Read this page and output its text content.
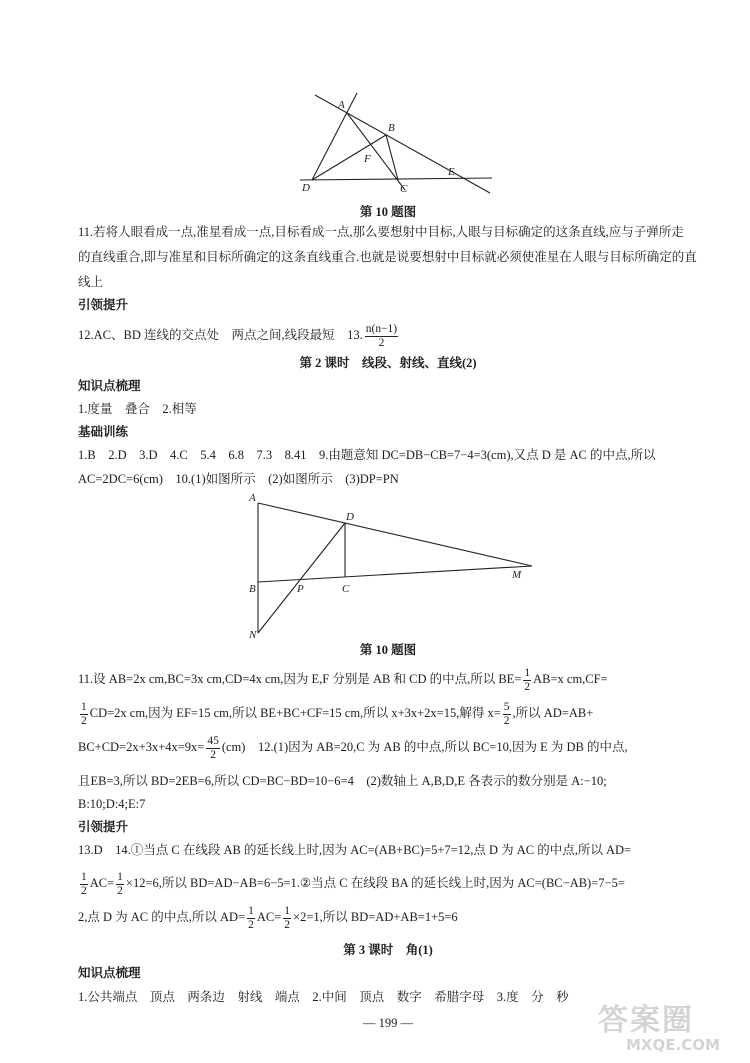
A
B
F
D	C
E
第 10 题图
11.若将人眼看成一点,准星看成一点,目标看成一点,那么要想射中目标,人眼与目标确定的这条直线,应与子弹所走
的直线重合,即与准星和目标所确定的这条直线重合.也就是说要想射中目标就必须使准星在人眼与目标所确定的直
线上
引领提升
12.AC、BD 连线的交点处　两点之间,线段最短　13. $\frac{n(n-1)}{2}$
第 2 课时　线段、射线、直线(2)
知识点梳理
1.度量　叠合　2.相等
基础训练
1.B　2.D　3.D　4.C　5.4　6.8　7.3　8.41　9.由题意知 DC=DB−CB=7−4=3(cm),又点 D 是 AC 的中点,所以
AC=2DC=6(cm)　10.(1)如图所示　(2)如图所示　(3)DP=PN
A
D
M
B	P	C
N
第 10 题图
11.设 AB=2x cm,BC=3x cm,CD=4x cm,因为 E,F 分别是 AB 和 CD 的中点,所以 $BE= \frac{1}{2} AB=x$ cm,CF=
$\frac{1}{2} CD=2x$ cm,因为 EF=15 cm,所以 BE+BC+CF=15 cm,所以 x+3x+2x=15,解得 $x= \frac{5}{2}$ ,所以 AD=AB+
$BC+CD=2x+3x+4x=9x= \frac{45}{2} (cm)$　12.(1)因为 AB=20,C 为 AB 的中点,所以 BC=10,因为 E 为 DB 的中点,
且EB=3,所以 BD=2EB=6,所以 CD=BC−BD=10−6=4　(2)数轴上 A,B,D,E 各表示的数分别是 A:−10;
B:10;D:4;E:7
引领提升
13.D　14.①当点 C 在线段 AB 的延长线上时,因为 AC=(AB+BC)=5+7=12,点 D 为 AC 的中点,所以 AD=
$\frac{1}{2} AC= \frac{1}{2} \times 12=6$,所以 BD=AD−AB=6−5=1.②当点 C 在线段 BA 的延长线上时,因为 AC=(BC−AB)=7−5=
2,点 D 为 AC 的中点,所以 $AD= \frac{1}{2} AC= \frac{1}{2} \times 2=1$,所以 BD=AD+AB=1+5=6
第 3 课时　角(1)
知识点梳理
1.公共端点　顶点　两条边　射线　端点　2.中间　顶点　数字　希腊字母　3.度　分　秒
— 199 —	答案圈
MXQE.COM
